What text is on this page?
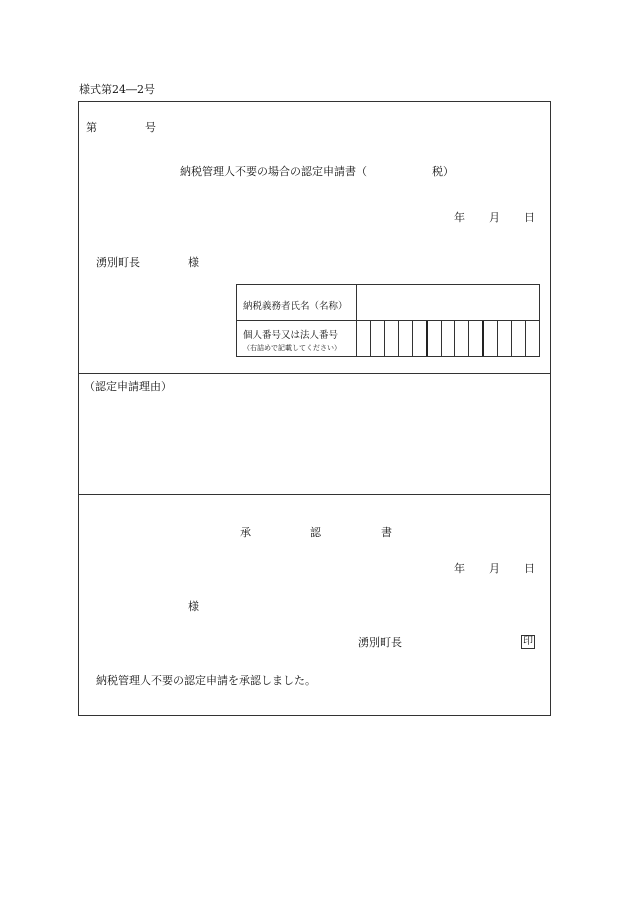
様式第24―2号
第	号
納税管理人不要の場合の認定申請書（	税）
年 月 日
湧別町長	様
納税義務者氏名（名称）
個人番号又は法人番号
（右詰めで記載してください）
（認定申請理由）
承	認	書
年 月 日
様
湧別町長	印
納税管理人不要の認定申請を承認しました。
